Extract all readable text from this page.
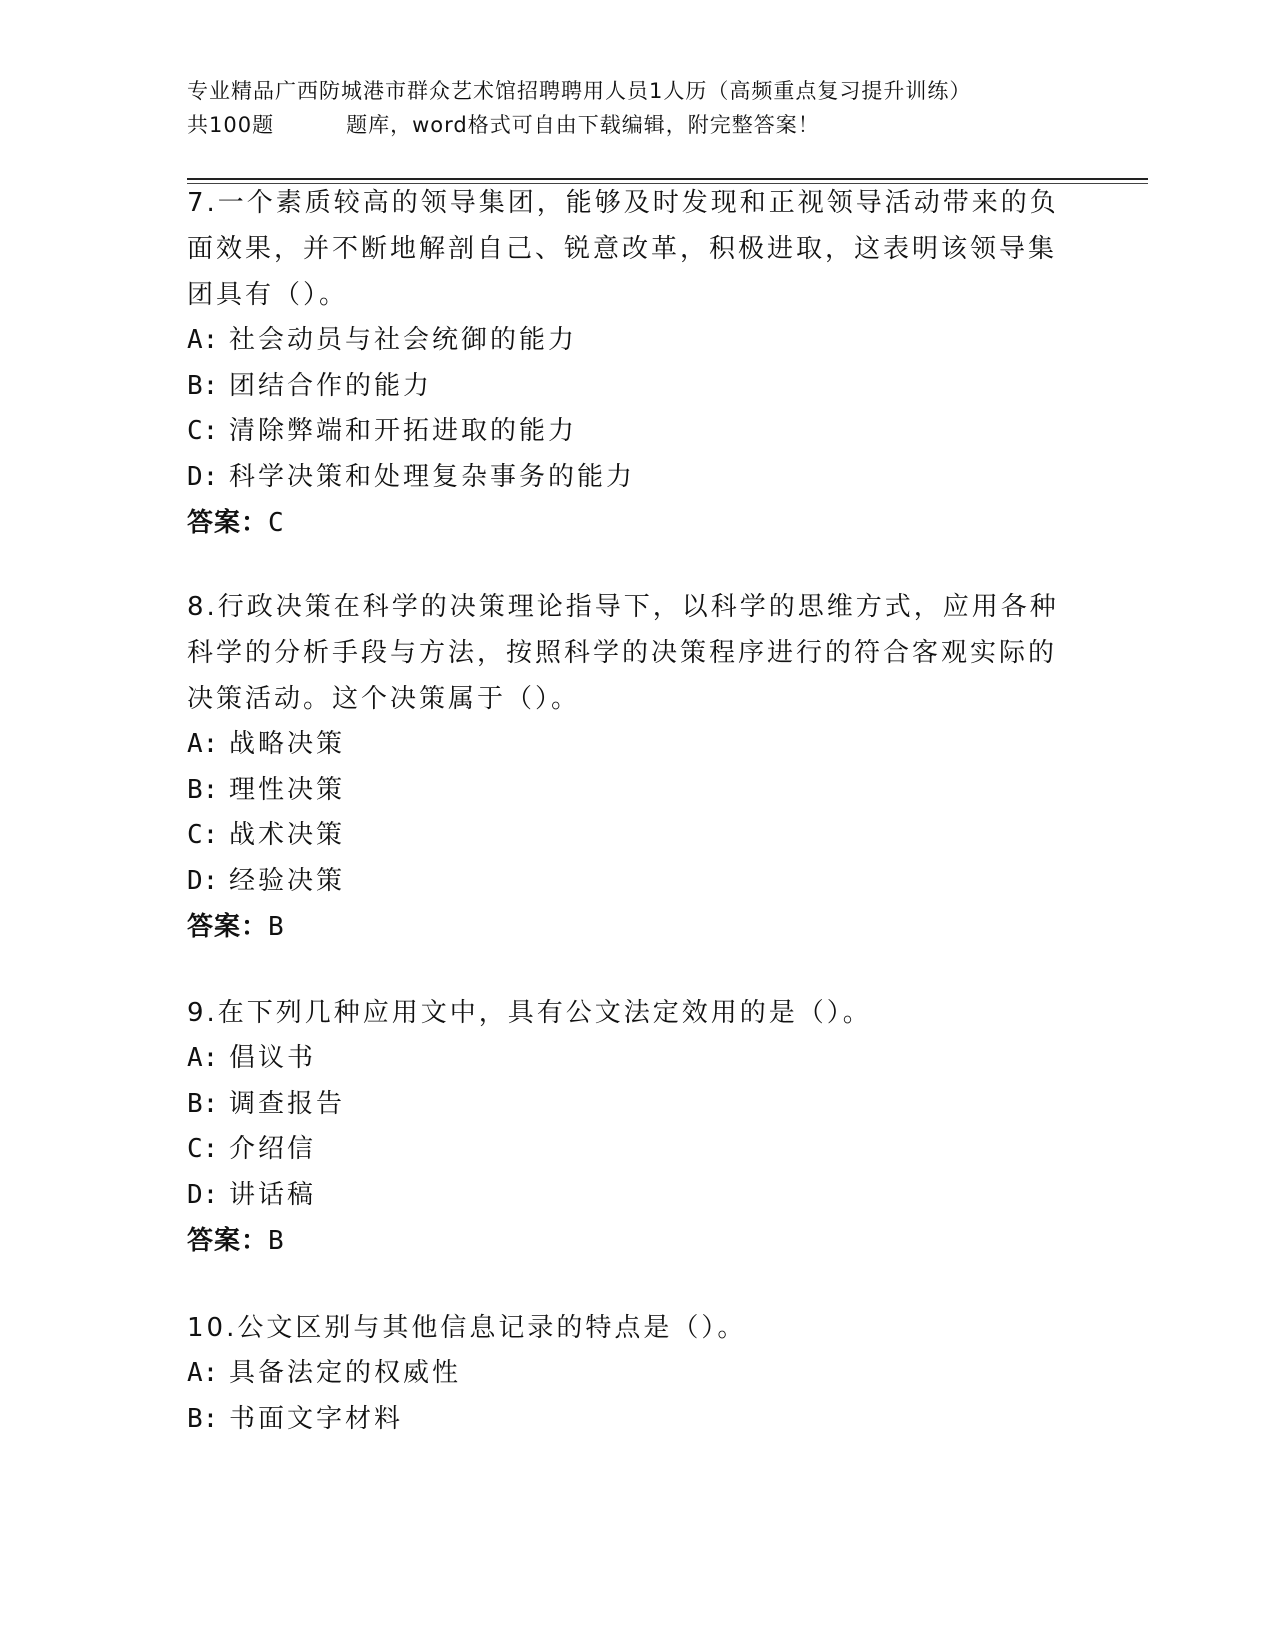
专业精品广西防城港市群众艺术馆招聘聘用人员1人历（高频重点复习提升训练）
共100题	题库，word格式可自由下载编辑，附完整答案！

7.一个素质较高的领导集团，能够及时发现和正视领导活动带来的负面效果，并不断地解剖自己、锐意改革，积极进取，这表明该领导集团具有（）。

A: 社会动员与社会统御的能力

B: 团结合作的能力

C: 清除弊端和开拓进取的能力

D: 科学决策和处理复杂事务的能力

答案：C

8.行政决策在科学的决策理论指导下，以科学的思维方式，应用各种科学的分析手段与方法，按照科学的决策程序进行的符合客观实际的决策活动。这个决策属于（）。

A: 战略决策

B: 理性决策

C: 战术决策

D: 经验决策

答案：B

9.在下列几种应用文中，具有公文法定效用的是（）。

A: 倡议书

B: 调查报告

C: 介绍信

D: 讲话稿

答案：B

10.公文区别与其他信息记录的特点是（）。

A: 具备法定的权威性

B: 书面文字材料
